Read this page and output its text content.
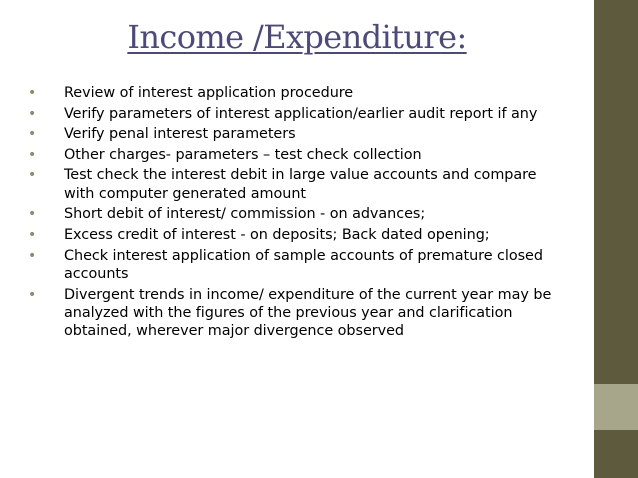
Income /Expenditure:
• Review of interest application procedure
• Verify parameters of interest application/earlier audit report if any
• Verify penal interest parameters
• Other charges- parameters – test check collection
• Test check the interest debit in large value accounts and compare with computer generated amount
• Short debit of interest/ commission - on advances;
• Excess credit of interest - on deposits; Back dated opening;
• Check interest application of sample accounts of premature closed accounts
• Divergent trends in income/ expenditure of the current year may be analyzed with the figures of the previous year and clarification obtained, wherever major divergence observed
